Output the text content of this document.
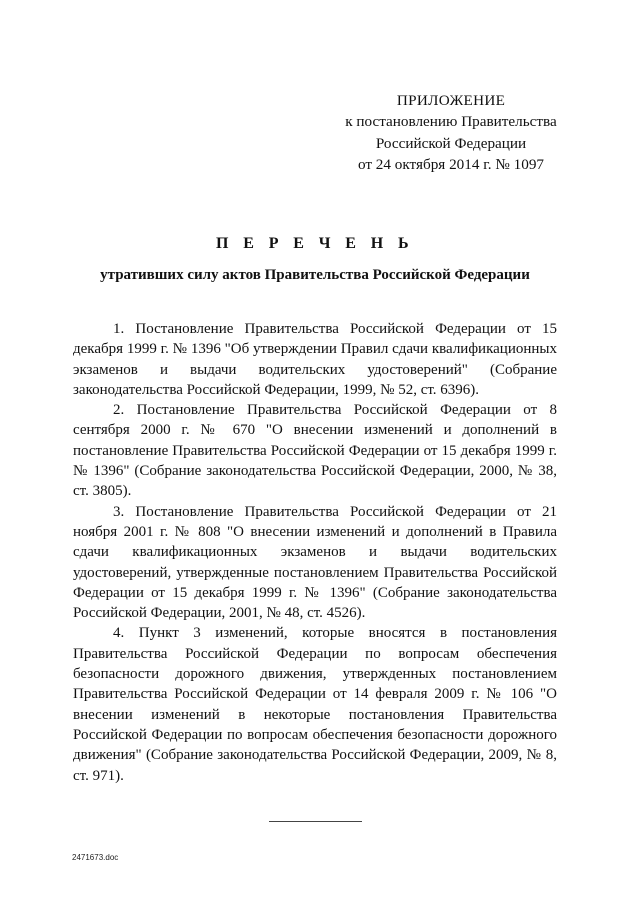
ПРИЛОЖЕНИЕ
к постановлению Правительства
Российской Федерации
от 24 октября 2014 г. № 1097
П Е Р Е Ч Е Н Ь
утративших силу актов Правительства Российской Федерации

1. Постановление Правительства Российской Федерации от 15 декабря 1999 г. № 1396 "Об утверждении Правил сдачи квалификационных экзаменов и выдачи водительских удостоверений" (Собрание законодательства Российской Федерации, 1999, № 52, ст. 6396).

2. Постановление Правительства Российской Федерации от 8 сентября 2000 г. № 670 "О внесении изменений и дополнений в постановление Правительства Российской Федерации от 15 декабря 1999 г. № 1396" (Собрание законодательства Российской Федерации, 2000, № 38, ст. 3805).

3. Постановление Правительства Российской Федерации от 21 ноября 2001 г. № 808 "О внесении изменений и дополнений в Правила сдачи квалификационных экзаменов и выдачи водительских удостоверений, утвержденные постановлением Правительства Российской Федерации от 15 декабря 1999 г. № 1396" (Собрание законодательства Российской Федерации, 2001, № 48, ст. 4526).

4. Пункт 3 изменений, которые вносятся в постановления Правительства Российской Федерации по вопросам обеспечения безопасности дорожного движения, утвержденных постановлением Правительства Российской Федерации от 14 февраля 2009 г. № 106 "О внесении изменений в некоторые постановления Правительства Российской Федерации по вопросам обеспечения безопасности дорожного движения" (Собрание законодательства Российской Федерации, 2009, № 8, ст. 971).

2471673.doc
